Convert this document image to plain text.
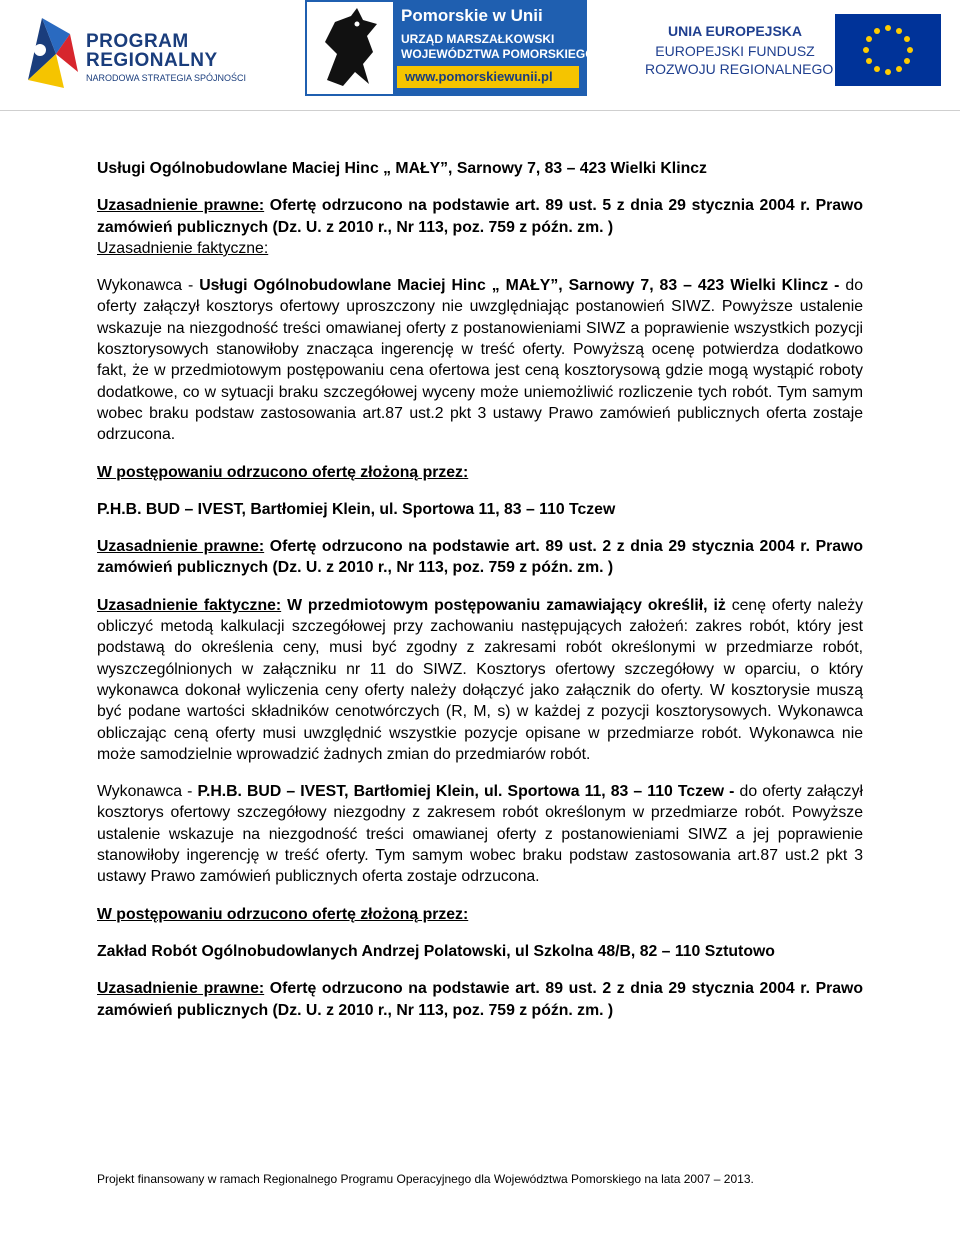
PROGRAM
REGIONALNY
NARODOWA STRATEGIA SPÓJNOŚCI
Pomorskie w Unii
URZĄD MARSZAŁKOWSKI
WOJEWÓDZTWA POMORSKIEGO
www.pomorskiewunii.pl
UNIA EUROPEJSKA
EUROPEJSKI FUNDUSZ
ROZWOJU REGIONALNEGO

Usługi Ogólnobudowlane Maciej Hinc „ MAŁY”, Sarnowy 7, 83 – 423 Wielki Klincz

Uzasadnienie prawne: Ofertę odrzucono na podstawie art. 89 ust. 5 z dnia 29 stycznia 2004 r. Prawo zamówień publicznych (Dz. U. z 2010 r., Nr 113, poz. 759 z późn. zm. )

Uzasadnienie faktyczne:

Wykonawca - Usługi Ogólnobudowlane Maciej Hinc „ MAŁY”, Sarnowy 7, 83 – 423 Wielki Klincz - do oferty załączył kosztorys ofertowy uproszczony nie uwzględniając postanowień SIWZ. Powyższe ustalenie wskazuje na niezgodność treści omawianej oferty z postanowieniami SIWZ a poprawienie wszystkich pozycji kosztorysowych stanowiłoby znacząca ingerencję w treść oferty. Powyższą ocenę potwierdza dodatkowo fakt, że w przedmiotowym postępowaniu cena ofertowa jest ceną kosztorysową gdzie mogą wystąpić roboty dodatkowe, co w sytuacji braku szczegółowej wyceny może uniemożliwić rozliczenie tych robót. Tym samym wobec braku podstaw zastosowania art.87 ust.2 pkt 3 ustawy Prawo zamówień publicznych oferta zostaje odrzucona.

W postępowaniu odrzucono ofertę złożoną przez:

P.H.B. BUD – IVEST, Bartłomiej Klein, ul. Sportowa 11, 83 – 110 Tczew

Uzasadnienie prawne: Ofertę odrzucono na podstawie art. 89 ust. 2 z dnia 29 stycznia 2004 r. Prawo zamówień publicznych (Dz. U. z 2010 r., Nr 113, poz. 759 z późn. zm. )

Uzasadnienie faktyczne: W przedmiotowym postępowaniu zamawiający określił, iż cenę oferty należy obliczyć metodą kalkulacji szczegółowej przy zachowaniu następujących założeń: zakres robót, który jest podstawą do określenia ceny, musi być zgodny z zakresami robót określonymi w przedmiarze robót, wyszczególnionych w załączniku nr 11 do SIWZ. Kosztorys ofertowy szczegółowy w oparciu, o który wykonawca dokonał wyliczenia ceny oferty należy dołączyć jako załącznik do oferty. W kosztorysie muszą być podane wartości składników cenotwórczych (R, M, s) w każdej z pozycji kosztorysowych. Wykonawca obliczając ceną oferty musi uwzględnić wszystkie pozycje opisane w przedmiarze robót. Wykonawca nie może samodzielnie wprowadzić żadnych zmian do przedmiarów robót.

Wykonawca - P.H.B. BUD – IVEST, Bartłomiej Klein, ul. Sportowa 11, 83 – 110 Tczew - do oferty załączył kosztorys ofertowy szczegółowy niezgodny z zakresem robót określonym w przedmiarze robót. Powyższe ustalenie wskazuje na niezgodność treści omawianej oferty z postanowieniami SIWZ a jej poprawienie stanowiłoby ingerencję w treść oferty. Tym samym wobec braku podstaw zastosowania art.87 ust.2 pkt 3 ustawy Prawo zamówień publicznych oferta zostaje odrzucona.

W postępowaniu odrzucono ofertę złożoną przez:

Zakład Robót Ogólnobudowlanych Andrzej Polatowski, ul Szkolna 48/B, 82 – 110 Sztutowo

Uzasadnienie prawne: Ofertę odrzucono na podstawie art. 89 ust. 2 z dnia 29 stycznia 2004 r. Prawo zamówień publicznych (Dz. U. z 2010 r., Nr 113, poz. 759 z późn. zm. )

Projekt finansowany w ramach Regionalnego Programu Operacyjnego dla Województwa Pomorskiego na lata 2007 – 2013.
